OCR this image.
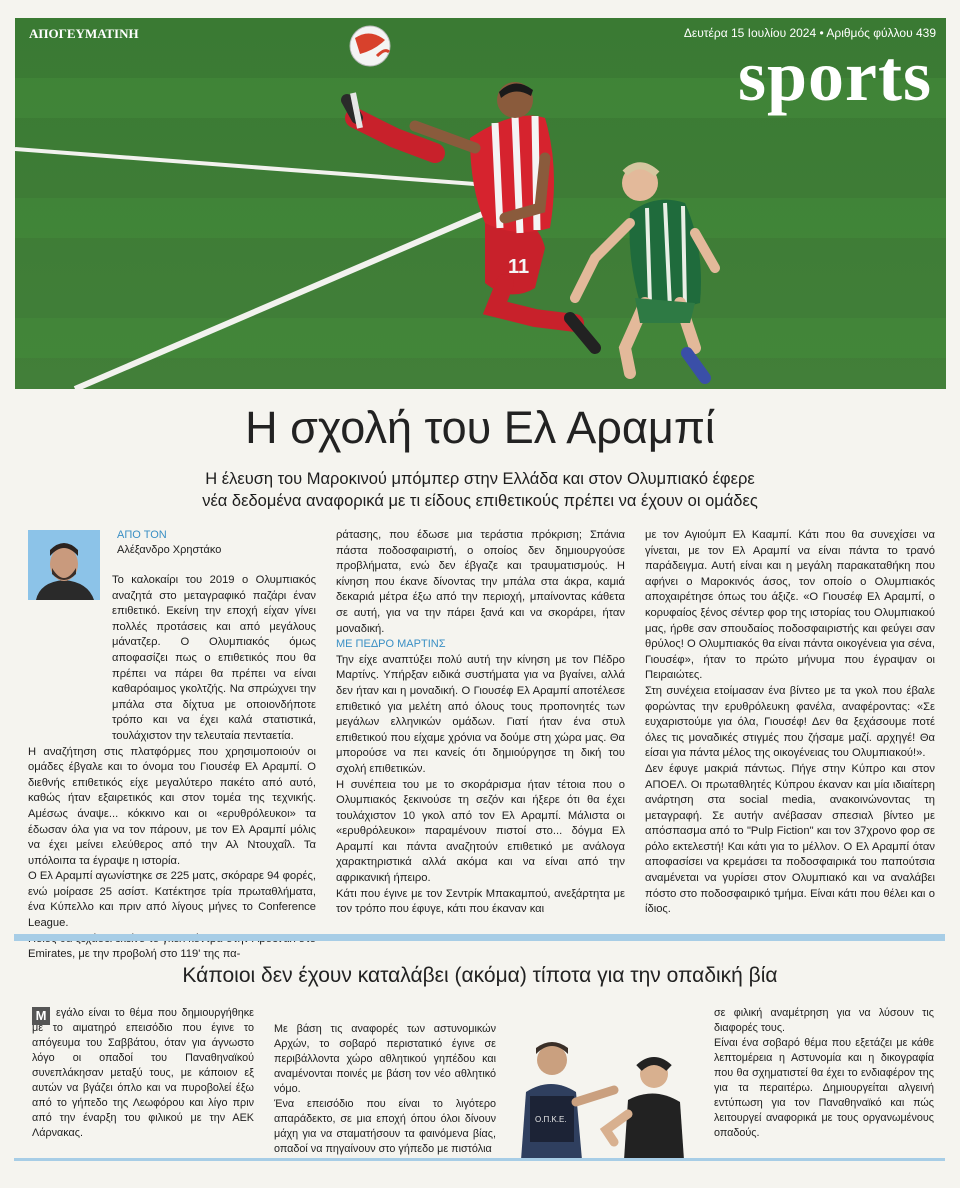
11
ΑΠΟΓΕΥΜΑΤΙΝΗ	Δευτέρα 15 Ιουλίου 2024 • Αριθμός φύλλου 439
sports
Η σχολή του Ελ Αραμπί

Η έλευση του Μαροκινού μπόμπερ στην Ελλάδα και στον Ολυμπιακό έφερε
νέα δεδομένα αναφορικά με τι είδους επιθετικούς πρέπει να έχουν οι ομάδες

ΑΠΟ ΤΟΝ
Αλέξανδρο Χρηστάκο

Το καλοκαίρι του 2019 ο Ολυμπιακός αναζητά στο μεταγραφικό παζάρι έναν επιθετικό. Εκείνη την εποχή είχαν γίνει πολλές προτάσεις και από μεγάλους μάνατζερ. Ο Ολυμπιακός όμως αποφασίζει πως ο επιθετικός που θα πρέπει να πάρει θα πρέπει να είναι καθαρόαιμος γκολτζής. Να σπρώχνει την μπάλα στα δίχτυα με οποιονδήποτε τρόπο και να έχει καλά στατιστικά, τουλάχιστον την τελευταία πενταετία.

Η αναζήτηση στις πλατφόρμες που χρησιμοποιούν οι ομάδες έβγαλε και το όνομα του Γιουσέφ Ελ Αραμπί. Ο διεθνής επιθετικός είχε μεγαλύτερο πακέτο από αυτό, καθώς ήταν εξαιρετικός και στον τομέα της τεχνικής. Αμέσως άναψε... κόκκινο και οι «ερυθρόλευκοι» τα έδωσαν όλα για να τον πάρουν, με τον Ελ Αραμπί μόλις να έχει μείνει ελεύθερος από την Αλ Ντουχαΐλ. Τα υπόλοιπα τα έγραψε η ιστορία.

Ο Ελ Αραμπί αγωνίστηκε σε 225 ματς, σκόραρε 94 φορές, ενώ μοίρασε 25 ασίστ. Κατέκτησε τρία πρωταθλήματα, ένα Κύπελλο και πριν από λίγους μήνες το Conference League.

Emirates, με την προβολή στο 119' της πα-

ράτασης, που έδωσε μια τεράστια πρόκριση; Σπάνια πάστα ποδοσφαιριστή, ο οποίος δεν δημιουργούσε προβλήματα, ενώ δεν έβγαζε και τραυματισμούς. Η κίνηση που έκανε δίνοντας την μπάλα στα άκρα, καμιά δεκαριά μέτρα έξω από την περιοχή, μπαίνοντας κάθετα σε αυτή, για να την πάρει ξανά και να σκοράρει, ήταν μοναδική.

ΜΕ ΠΕΔΡΟ ΜΑΡΤΙΝΣ

Την είχε αναπτύξει πολύ αυτή την κίνηση με τον Πέδρο Μαρτίνς. Υπήρξαν ειδικά συστήματα για να βγαίνει, αλλά δεν ήταν και η μοναδική. Ο Γιουσέφ Ελ Αραμπί αποτέλεσε επιθετικό για μελέτη από όλους τους προπονητές των μεγάλων ελληνικών ομάδων. Γιατί ήταν ένα στυλ επιθετικού που είχαμε χρόνια να δούμε στη χώρα μας. Θα μπορούσε να πει κανείς ότι δημιούργησε τη δική του σχολή επιθετικών.

Η συνέπεια του με το σκοράρισμα ήταν τέτοια που ο Ολυμπιακός ξεκινούσε τη σεζόν και ήξερε ότι θα έχει τουλάχιστον 10 γκολ από τον Ελ Αραμπί. Μάλιστα οι «ερυθρόλευκοι» παραμένουν πιστοί στο... δόγμα Ελ Αραμπί και πάντα αναζητούν επιθετικό με ανάλογα χαρακτηριστικά αλλά ακόμα και να είναι από την αφρικανική ήπειρο.

Κάτι που έγινε με τον Σεντρίκ Μπακαμπού, ανεξάρτητα με τον τρόπο που έφυγε, κάτι που έκαναν και

με τον Αγιούμπ Ελ Κααμπί. Κάτι που θα συνεχίσει να γίνεται, με τον Ελ Αραμπί να είναι πάντα το τρανό παράδειγμα. Αυτή είναι και η μεγάλη παρακαταθήκη που αφήνει ο Μαροκινός άσος, τον οποίο ο Ολυμπιακός αποχαιρέτησε όπως του άξιζε. «Ο Γιουσέφ Ελ Αραμπί, ο κορυφαίος ξένος σέντερ φορ της ιστορίας του Ολυμπιακού μας, ήρθε σαν σπουδαίος ποδοσφαιριστής και φεύγει σαν θρύλος! Ο Ολυμπιακός θα είναι πάντα οικογένεια για σένα, Γιουσέφ», ήταν το πρώτο μήνυμα που έγραψαν οι Πειραιώτες.

Στη συνέχεια ετοίμασαν ένα βίντεο με τα γκολ που έβαλε φορώντας την ερυθρόλευκη φανέλα, αναφέροντας: «Σε ευχαριστούμε για όλα, Γιουσέφ! Δεν θα ξεχάσουμε ποτέ όλες τις μοναδικές στιγμές που ζήσαμε μαζί. αρχηγέ! Θα είσαι για πάντα μέλος της οικογένειας του Ολυμπιακού!».

Δεν έφυγε μακριά πάντως. Πήγε στην Κύπρο και στον ΑΠΟΕΛ. Οι πρωταθλητές Κύπρου έκαναν και μία ιδιαίτερη ανάρτηση στα social media, ανακοινώνοντας τη μεταγραφή. Σε αυτήν ανέβασαν σπεσιαλ βίντεο με απόσπασμα από το "Pulp Fiction" και τον 37χρονο φορ σε ρόλο εκτελεστή! Και κάτι για το μέλλον. Ο Ελ Αραμπί όταν αποφασίσει να κρεμάσει τα ποδοσφαιρικά του παπούτσια αναμένεται να γυρίσει στον Ολυμπιακό και να αναλάβει πόστο στο ποδοσφαιρικό τμήμα. Είναι κάτι που θέλει και ο ίδιος.

Κάποιοι δεν έχουν καταλάβει (ακόμα) τίποτα για την οπαδική βία
Μ εγάλο είναι το θέμα που δημιουργήθηκε με το αιματηρό επεισόδιο που έγινε το απόγευμα του Σαββάτου, όταν για άγνωστο λόγο οι οπαδοί του Παναθηναϊκού συνεπλάκησαν μεταξύ τους, με κάποιον εξ αυτών να βγάζει όπλο και να πυροβολεί έξω από το γήπεδο της Λεωφόρου και λίγο πριν από την έναρξη του φιλικού με την ΑΕΚ Λάρνακας.

Με βάση τις αναφορές των αστυνομικών Αρχών, το σοβαρό περιστατικό έγινε σε περιβάλλοντα χώρο αθλητικού γηπέδου και αναμένονται ποινές με βάση τον νέο αθλητικό νόμο.

Ένα επεισόδιο που είναι το λιγότερο απαράδεκτο, σε μια εποχή όπου όλοι δίνουν μάχη για να σταματήσουν τα φαινόμενα βίας, οπαδοί να πηγαίνουν στο γήπεδο με πιστόλια

Ο.Π.Κ.Ε.

σε φιλική αναμέτρηση για να λύσουν τις διαφορές τους.

Είναι ένα σοβαρό θέμα που εξετάζει με κάθε λεπτομέρεια η Αστυνομία και η δικογραφία που θα σχηματιστεί θα έχει το ενδιαφέρον της για τα περαιτέρω. Δημιουργείται αλγεινή εντύπωση για τον Παναθηναϊκό και πώς λειτουργεί αναφορικά με τους οργανωμένους οπαδούς.
